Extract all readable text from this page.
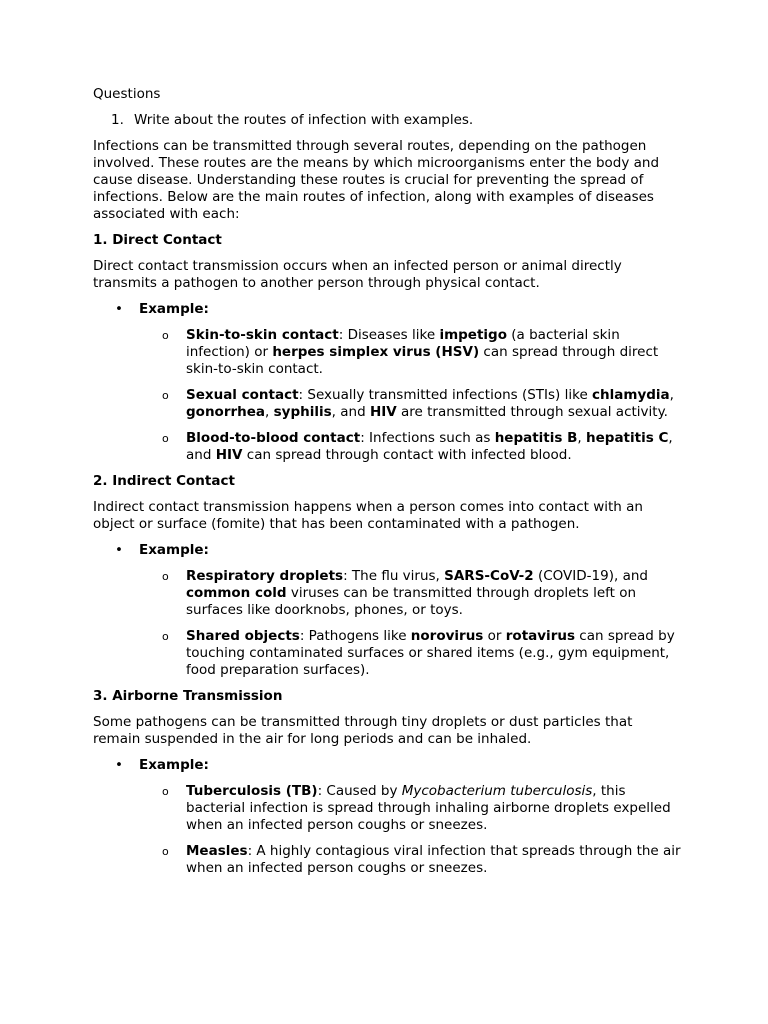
Questions

1. Write about the routes of infection with examples.

Infections can be transmitted through several routes, depending on the pathogen involved. These routes are the means by which microorganisms enter the body and cause disease. Understanding these routes is crucial for preventing the spread of infections. Below are the main routes of infection, along with examples of diseases associated with each:

1. Direct Contact

Direct contact transmission occurs when an infected person or animal directly transmits a pathogen to another person through physical contact.

• Example:
o Skin-to-skin contact: Diseases like impetigo (a bacterial skin infection) or herpes simplex virus (HSV) can spread through direct skin-to-skin contact.
o Sexual contact: Sexually transmitted infections (STIs) like chlamydia, gonorrhea, syphilis, and HIV are transmitted through sexual activity.
o Blood-to-blood contact: Infections such as hepatitis B, hepatitis C, and HIV can spread through contact with infected blood.

2. Indirect Contact

Indirect contact transmission happens when a person comes into contact with an object or surface (fomite) that has been contaminated with a pathogen.

• Example:
o Respiratory droplets: The flu virus, SARS-CoV-2 (COVID-19), and common cold viruses can be transmitted through droplets left on surfaces like doorknobs, phones, or toys.
o Shared objects: Pathogens like norovirus or rotavirus can spread by touching contaminated surfaces or shared items (e.g., gym equipment, food preparation surfaces).

3. Airborne Transmission

Some pathogens can be transmitted through tiny droplets or dust particles that remain suspended in the air for long periods and can be inhaled.

• Example:
o Tuberculosis (TB): Caused by Mycobacterium tuberculosis, this bacterial infection is spread through inhaling airborne droplets expelled when an infected person coughs or sneezes.
o Measles: A highly contagious viral infection that spreads through the air when an infected person coughs or sneezes.
